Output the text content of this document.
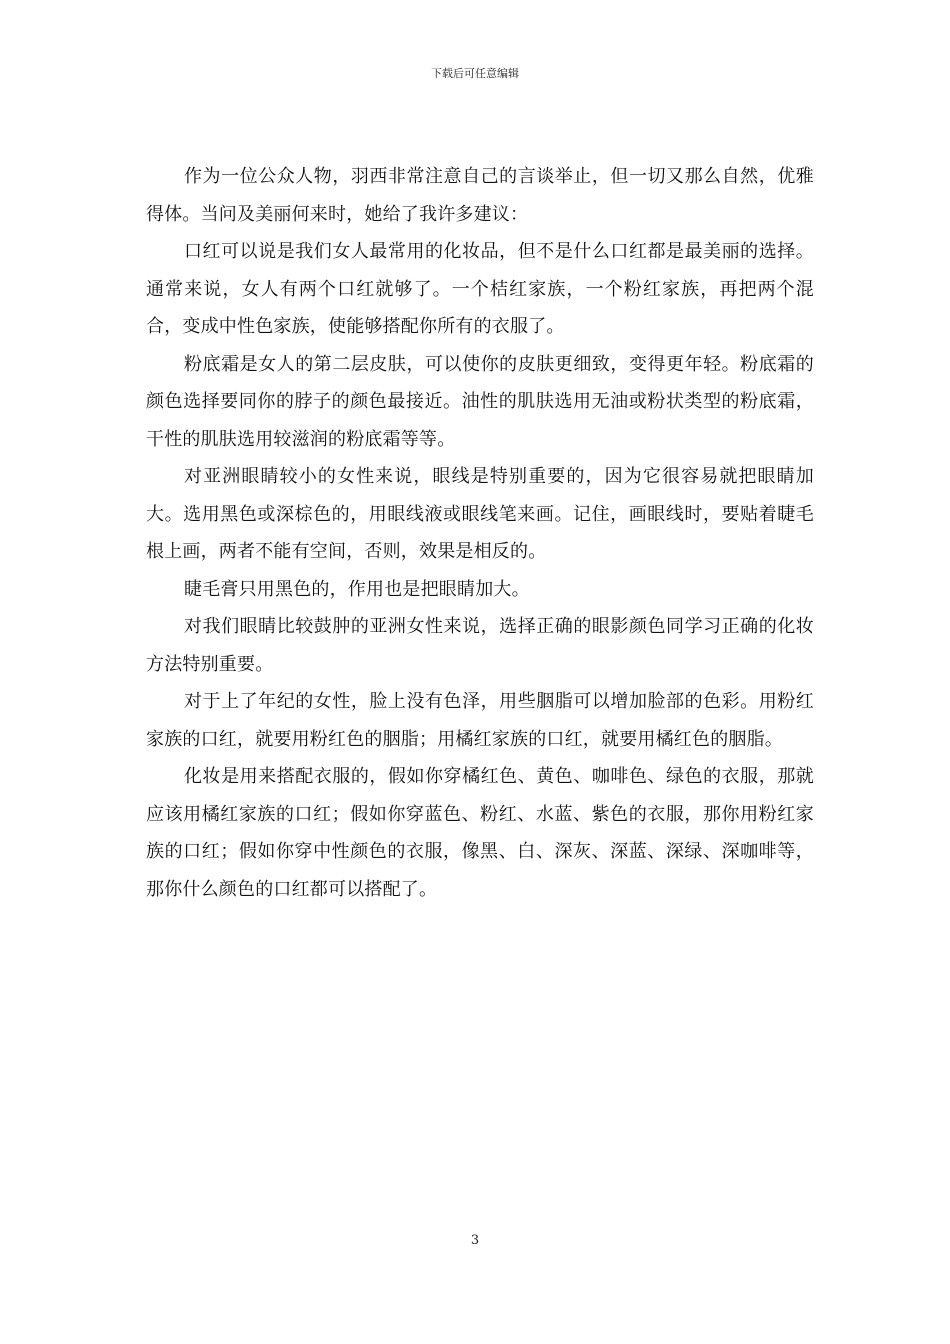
下载后可任意编辑

作为一位公众人物，羽西非常注意自己的言谈举止，但一切又那么自然，优雅得体。当问及美丽何来时，她给了我许多建议：

口红可以说是我们女人最常用的化妆品，但不是什么口红都是最美丽的选择。通常来说，女人有两个口红就够了。一个桔红家族，一个粉红家族，再把两个混合，变成中性色家族，使能够搭配你所有的衣服了。

粉底霜是女人的第二层皮肤，可以使你的皮肤更细致，变得更年轻。粉底霜的颜色选择要同你的脖子的颜色最接近。油性的肌肤选用无油或粉状类型的粉底霜，干性的肌肤选用较滋润的粉底霜等等。

对亚洲眼睛较小的女性来说，眼线是特别重要的，因为它很容易就把眼睛加大。选用黑色或深棕色的，用眼线液或眼线笔来画。记住，画眼线时，要贴着睫毛根上画，两者不能有空间，否则，效果是相反的。

睫毛膏只用黑色的，作用也是把眼睛加大。

对我们眼睛比较鼓肿的亚洲女性来说，选择正确的眼影颜色同学习正确的化妆方法特别重要。

对于上了年纪的女性，脸上没有色泽，用些胭脂可以增加脸部的色彩。用粉红家族的口红，就要用粉红色的胭脂；用橘红家族的口红，就要用橘红色的胭脂。

化妆是用来搭配衣服的，假如你穿橘红色、黄色、咖啡色、绿色的衣服，那就应该用橘红家族的口红；假如你穿蓝色、粉红、水蓝、紫色的衣服，那你用粉红家族的口红；假如你穿中性颜色的衣服，像黑、白、深灰、深蓝、深绿、深咖啡等，那你什么颜色的口红都可以搭配了。

3
